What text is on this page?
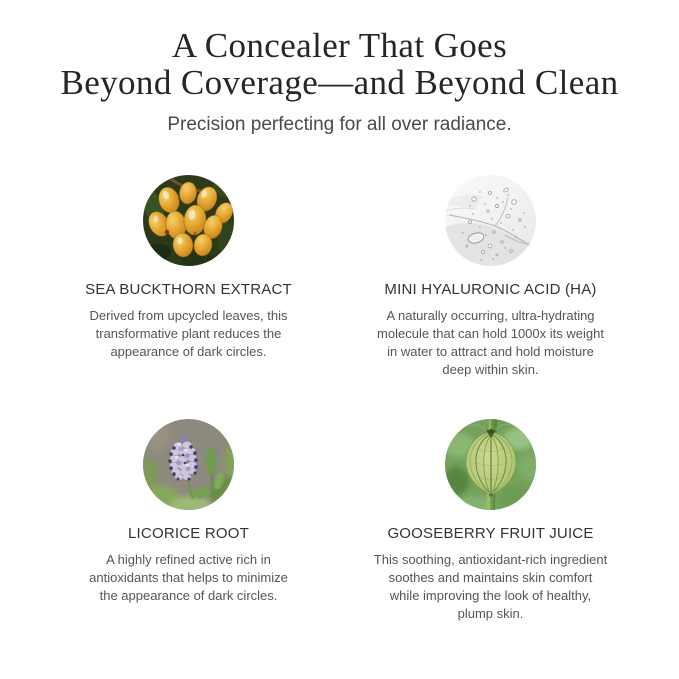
A Concealer That Goes
Beyond Coverage—and Beyond Clean

Precision perfecting for all over radiance.

SEA BUCKTHORN EXTRACT

Derived from upcycled leaves, this
transformative plant reduces the
appearance of dark circles.

MINI HYALURONIC ACID (HA)

A naturally occurring, ultra-hydrating
molecule that can hold 1000x its weight
in water to attract and hold moisture
deep within skin.

LICORICE ROOT

A highly refined active rich in
antioxidants that helps to minimize
the appearance of dark circles.

GOOSEBERRY FRUIT JUICE

This soothing, antioxidant-rich ingredient
soothes and maintains skin comfort
while improving the look of healthy,
plump skin.
